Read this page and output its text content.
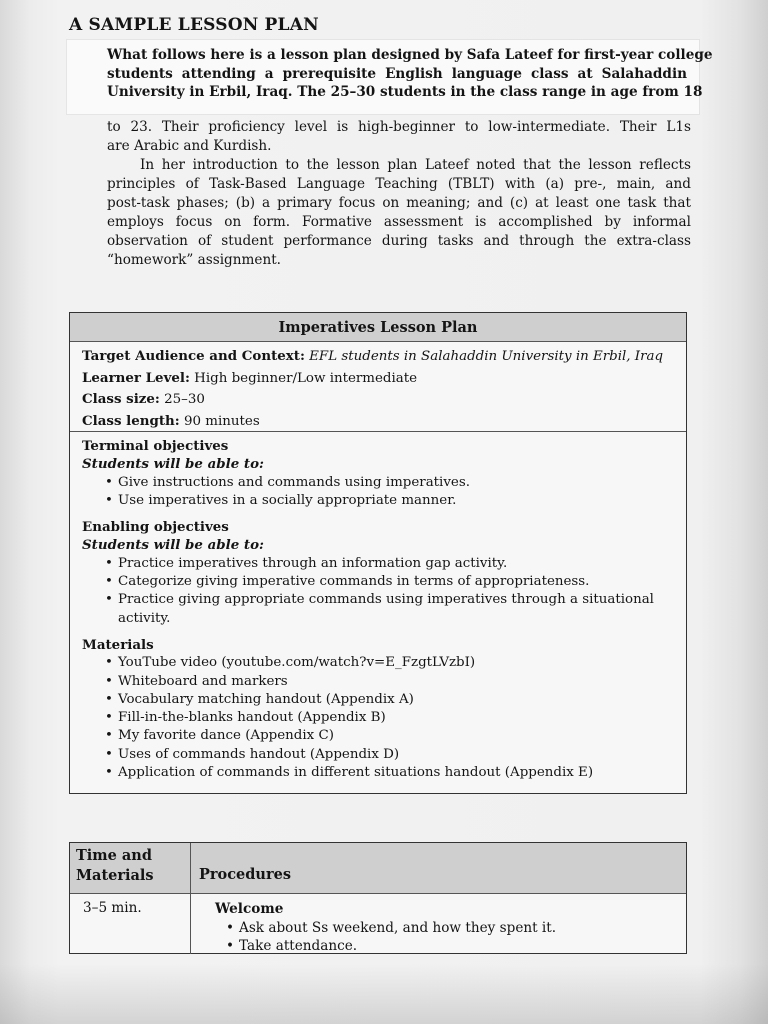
A SAMPLE LESSON PLAN
What follows here is a lesson plan designed by Safa Lateef for first-year college
students attending a prerequisite English language class at Salahaddin
University in Erbil, Iraq. The 25–30 students in the class range in age from 18
to 23. Their proficiency level is high-beginner to low-intermediate. Their L1s
are Arabic and Kurdish.
In her introduction to the lesson plan Lateef noted that the lesson reflects
principles of Task-Based Language Teaching (TBLT) with (a) pre-, main, and
post-task phases; (b) a primary focus on meaning; and (c) at least one task that
employs focus on form. Formative assessment is accomplished by informal
observation of student performance during tasks and through the extra-class
“homework” assignment.
Imperatives Lesson Plan
Target Audience and Context: EFL students in Salahaddin University in Erbil, Iraq
Learner Level: High beginner/Low intermediate
Class size: 25–30
Class length: 90 minutes
Terminal objectives
Students will be able to:
• Give instructions and commands using imperatives.
• Use imperatives in a socially appropriate manner.
Enabling objectives
Students will be able to:
• Practice imperatives through an information gap activity.
• Categorize giving imperative commands in terms of appropriateness.
• Practice giving appropriate commands using imperatives through a situational
activity.
Materials
• YouTube video (youtube.com/watch?v=E_FzgtLVzbI)
• Whiteboard and markers
• Vocabulary matching handout (Appendix A)
• Fill-in-the-blanks handout (Appendix B)
• My favorite dance (Appendix C)
• Uses of commands handout (Appendix D)
• Application of commands in different situations handout (Appendix E)
Time and
Materials	Procedures
3–5 min.	Welcome
• Ask about Ss weekend, and how they spent it.
• Take attendance.
